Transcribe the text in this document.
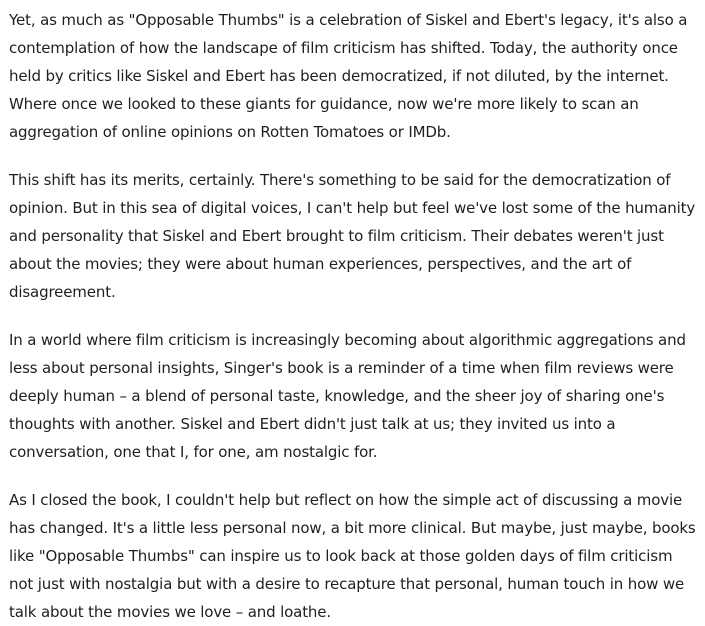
Yet, as much as "Opposable Thumbs" is a celebration of Siskel and Ebert's legacy, it's also a contemplation of how the landscape of film criticism has shifted. Today, the authority once held by critics like Siskel and Ebert has been democratized, if not diluted, by the internet. Where once we looked to these giants for guidance, now we're more likely to scan an aggregation of online opinions on Rotten Tomatoes or IMDb.

This shift has its merits, certainly. There's something to be said for the democratization of opinion. But in this sea of digital voices, I can't help but feel we've lost some of the humanity and personality that Siskel and Ebert brought to film criticism. Their debates weren't just about the movies; they were about human experiences, perspectives, and the art of disagreement.

In a world where film criticism is increasingly becoming about algorithmic aggregations and less about personal insights, Singer's book is a reminder of a time when film reviews were deeply human – a blend of personal taste, knowledge, and the sheer joy of sharing one's thoughts with another. Siskel and Ebert didn't just talk at us; they invited us into a conversation, one that I, for one, am nostalgic for.

As I closed the book, I couldn't help but reflect on how the simple act of discussing a movie has changed. It's a little less personal now, a bit more clinical. But maybe, just maybe, books like "Opposable Thumbs" can inspire us to look back at those golden days of film criticism not just with nostalgia but with a desire to recapture that personal, human touch in how we talk about the movies we love – and loathe.
